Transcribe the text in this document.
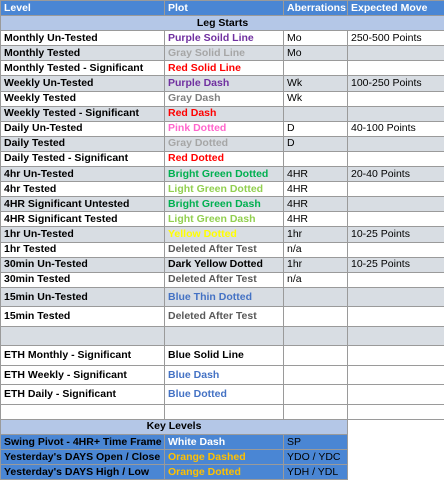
Level	Plot	Aberrations	Expected Move
Leg Starts			
Monthly Un-Tested	Purple Soild Line	Mo	250-500 Points
Monthly Tested	Gray Solid Line	Mo	
Monthly Tested - Significant	Red Solid Line		
Weekly Un-Tested	Purple Dash	Wk	100-250 Points
Weekly Tested	Gray Dash	Wk	
Weekly Tested - Significant	Red Dash		
Daily Un-Tested	Pink Dotted	D	40-100 Points
Daily Tested	Gray Dotted	D	
Daily Tested - Significant	Red Dotted		
4hr Un-Tested	Bright Green Dotted	4HR	20-40 Points
4hr Tested	Light Green Dotted	4HR	
4HR Significant Untested	Bright Green Dash	4HR	
4HR Significant Tested	Light Green Dash	4HR	
1hr Un-Tested	Yellow Dotted	1hr	10-25 Points
1hr Tested	Deleted After Test	n/a	
30min Un-Tested	Dark Yellow Dotted	1hr	10-25 Points
30min Tested	Deleted After Test	n/a	
15min Un-Tested	Blue Thin Dotted		
15min Tested	Deleted After Test		

ETH Monthly - Significant	Blue Solid Line		
ETH Weekly - Significant	Blue Dash		
ETH Daily - Significant	Blue Dotted		

Key Levels			
Swing Pivot - 4HR+ Time Frame	White Dash	SP	
Yesterday's DAYS Open / Close	Orange Dashed	YDO / YDC	
Yesterday's DAYS High / Low	Orange Dotted	YDH / YDL	
